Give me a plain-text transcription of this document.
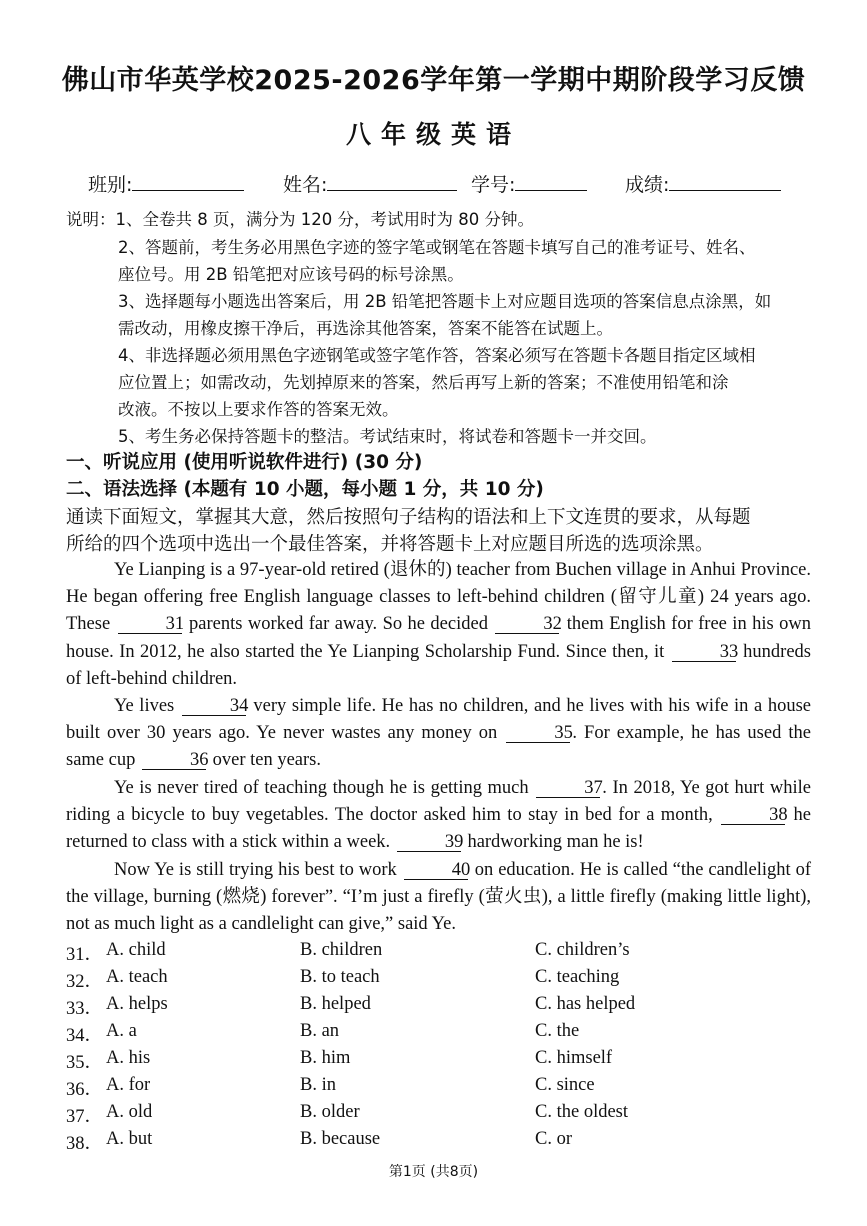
佛山市华英学校2025-2026学年第一学期中期阶段学习反馈
八年级英语
班别:	姓名:	学号:	成绩:
说明：1、全卷共 8 页，满分为 120 分，考试用时为 80 分钟。
2、答题前，考生务必用黑色字迹的签字笔或钢笔在答题卡填写自己的准考证号、姓名、
座位号。用 2B 铅笔把对应该号码的标号涂黑。
3、选择题每小题选出答案后，用 2B 铅笔把答题卡上对应题目选项的答案信息点涂黑，如
需改动，用橡皮擦干净后，再选涂其他答案，答案不能答在试题上。
4、非选择题必须用黑色字迹钢笔或签字笔作答，答案必须写在答题卡各题目指定区域相
应位置上；如需改动，先划掉原来的答案，然后再写上新的答案；不准使用铅笔和涂
改液。不按以上要求作答的答案无效。
5、考生务必保持答题卡的整洁。考试结束时，将试卷和答题卡一并交回。
一、听说应用 (使用听说软件进行) (30 分)
二、语法选择 (本题有 10 小题，每小题 1 分，共 10 分)
通读下面短文，掌握其大意，然后按照句子结构的语法和上下文连贯的要求，从每题
所给的四个选项中选出一个最佳答案，并将答题卡上对应题目所选的选项涂黑。
Ye Lianping is a 97-year-old retired (退休的) teacher from Buchen village in Anhui Province. He began offering free English language classes to left-behind children (留守儿童) 24 years ago. These	31 parents worked far away. So he decided	32 them English for free in his own house. In 2012, he also started the Ye Lianping Scholarship Fund. Since then, it	33 hundreds of left-behind children.
Ye lives	34 very simple life. He has no children, and he lives with his wife in a house built over 30 years ago. Ye never wastes any money on	35. For example, he has used the same cup	36 over ten years.
Ye is never tired of teaching though he is getting much	37. In 2018, Ye got hurt while riding a bicycle to buy vegetables. The doctor asked him to stay in bed for a month,	38 he returned to class with a stick within a week.	39 hardworking man he is!
Now Ye is still trying his best to work	40 on education. He is called “the candlelight of the village, burning (燃烧) forever”. “I’m just a firefly (萤火虫), a little firefly (making little light), not as much light as a candlelight can give,” said Ye.
31． A. child	B. children	C. children’s
32． A. teach	B. to teach	C. teaching
33． A. helps	B. helped	C. has helped
34． A. a	B. an	C. the
35． A. his	B. him	C. himself
36． A. for	B. in	C. since
37． A. old	B. older	C. the oldest
38． A. but	B. because	C. or
第1页 (共8页)
